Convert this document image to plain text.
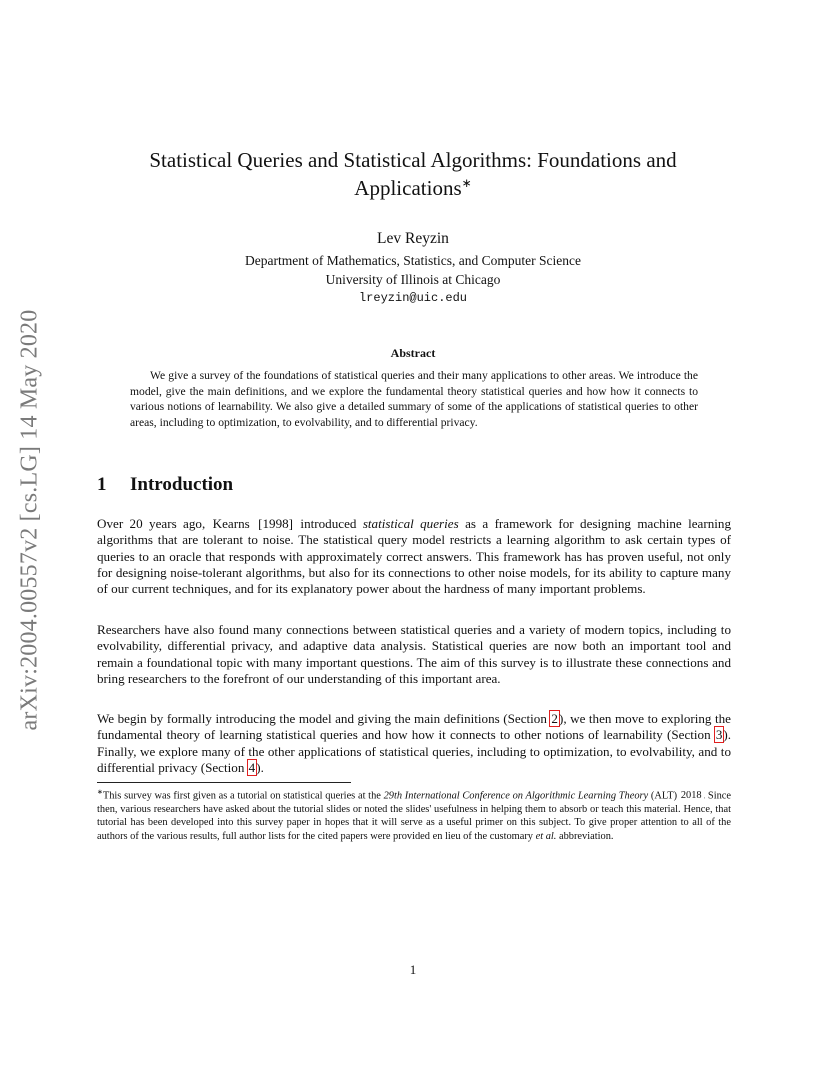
arXiv:2004.00557v2 [cs.LG] 14 May 2020
Statistical Queries and Statistical Algorithms: Foundations and
Applications∗
Lev Reyzin
Department of Mathematics, Statistics, and Computer Science
University of Illinois at Chicago
lreyzin@uic.edu
Abstract
We give a survey of the foundations of statistical queries and their many applications to other areas. We introduce the model, give the main definitions, and we explore the fundamental theory statistical queries and how how it connects to various notions of learnability. We also give a detailed summary of some of the applications of statistical queries to other areas, including to optimization, to evolvability, and to differential privacy.
1 Introduction
Over 20 years ago, Kearns [1998] introduced statistical queries as a framework for designing machine learning algorithms that are tolerant to noise. The statistical query model restricts a learning algorithm to ask certain types of queries to an oracle that responds with approximately correct answers. This framework has has proven useful, not only for designing noise-tolerant algorithms, but also for its connections to other noise models, for its ability to capture many of our current techniques, and for its explanatory power about the hardness of many important problems.
Researchers have also found many connections between statistical queries and a variety of modern topics, including to evolvability, differential privacy, and adaptive data analysis. Statistical queries are now both an important tool and remain a foundational topic with many important questions. The aim of this survey is to illustrate these connections and bring researchers to the forefront of our understanding of this important area.
We begin by formally introducing the model and giving the main definitions (Section 2), we then move to exploring the fundamental theory of learning statistical queries and how how it connects to other notions of learnability (Section 3). Finally, we explore many of the other applications of statistical queries, including to optimization, to evolvability, and to differential privacy (Section 4).
∗This survey was first given as a tutorial on statistical queries at the 29th International Conference on Algorithmic Learning Theory (ALT) 2018. Since then, various researchers have asked about the tutorial slides or noted the slides' usefulness in helping them to absorb or teach this material. Hence, that tutorial has been developed into this survey paper in hopes that it will serve as a useful primer on this subject. To give proper attention to all of the authors of the various results, full author lists for the cited papers were provided en lieu of the customary et al. abbreviation.
1
